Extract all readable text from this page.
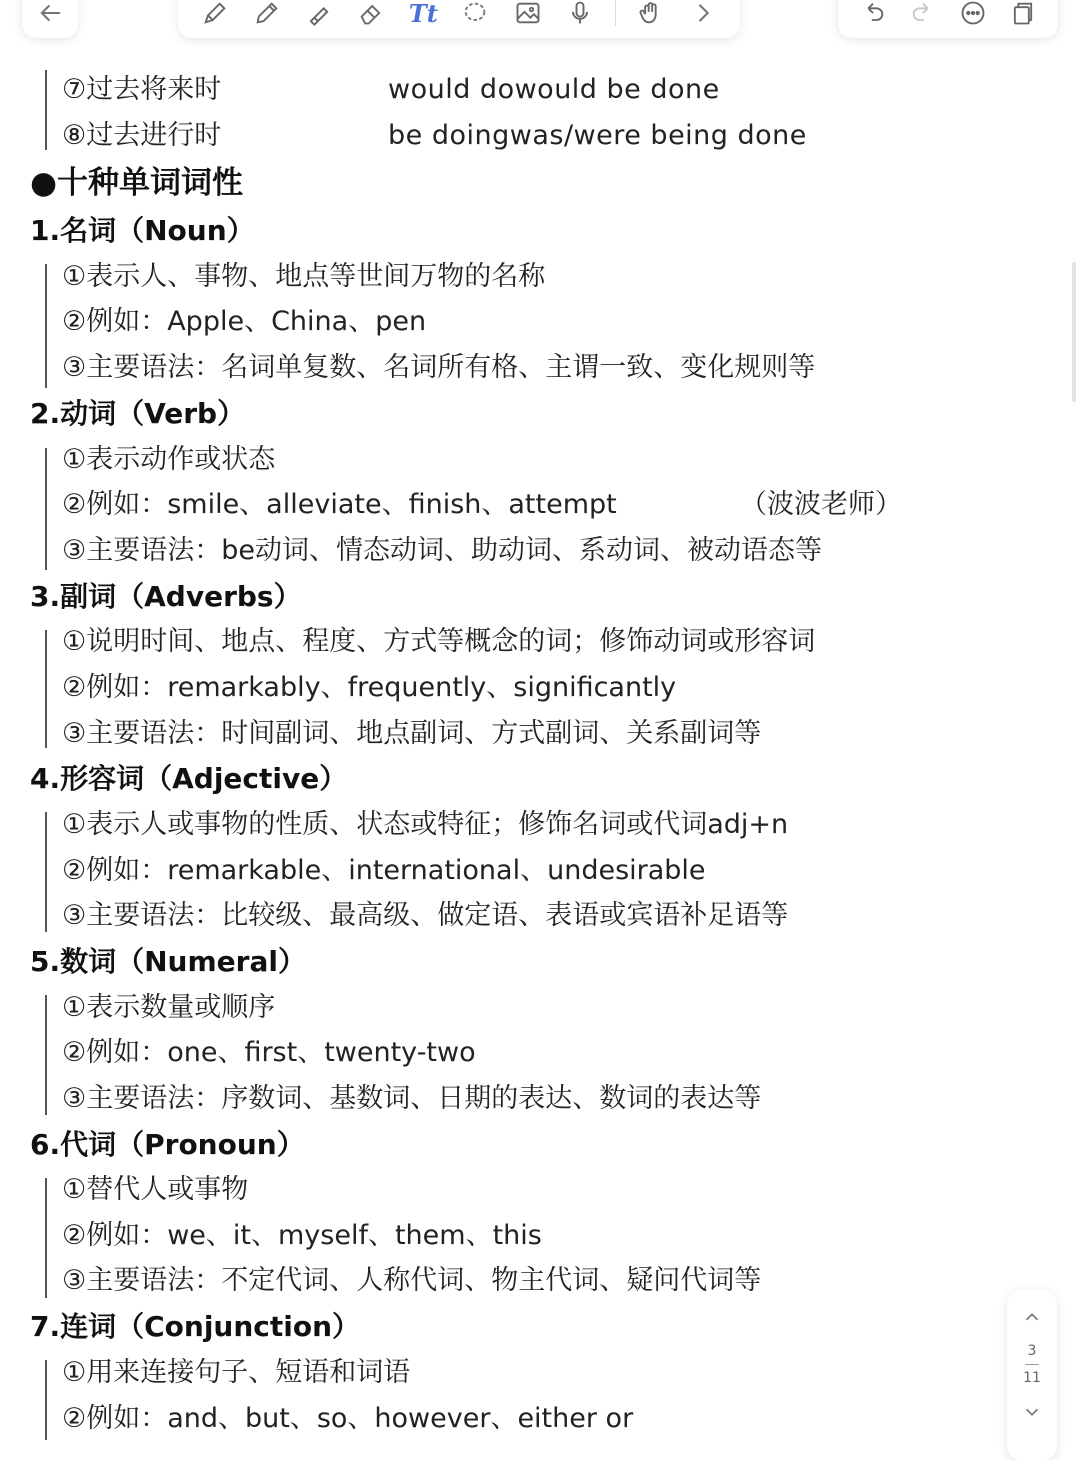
Tt
⑦过去将来时	would dowould be done
⑧过去进行时	be doingwas/were being done
●十种单词词性
1.名词（Noun）
①表示人、事物、地点等世间万物的名称
②例如：Apple、China、pen
③主要语法：名词单复数、名词所有格、主谓一致、变化规则等
2.动词（Verb）
①表示动作或状态
②例如：smile、alleviate、finish、attempt	（波波老师）
③主要语法：be动词、情态动词、助动词、系动词、被动语态等
3.副词（Adverbs）
①说明时间、地点、程度、方式等概念的词；修饰动词或形容词
②例如：remarkably、frequently、significantly
③主要语法：时间副词、地点副词、方式副词、关系副词等
4.形容词（Adjective）
①表示人或事物的性质、状态或特征；修饰名词或代词adj+n
②例如：remarkable、international、undesirable
③主要语法：比较级、最高级、做定语、表语或宾语补足语等
5.数词（Numeral）
①表示数量或顺序
②例如：one、first、twenty-two
③主要语法：序数词、基数词、日期的表达、数词的表达等
6.代词（Pronoun）
①替代人或事物
②例如：we、it、myself、them、this
③主要语法：不定代词、人称代词、物主代词、疑问代词等
7.连词（Conjunction）
①用来连接句子、短语和词语
②例如：and、but、so、however、either or
3
11
